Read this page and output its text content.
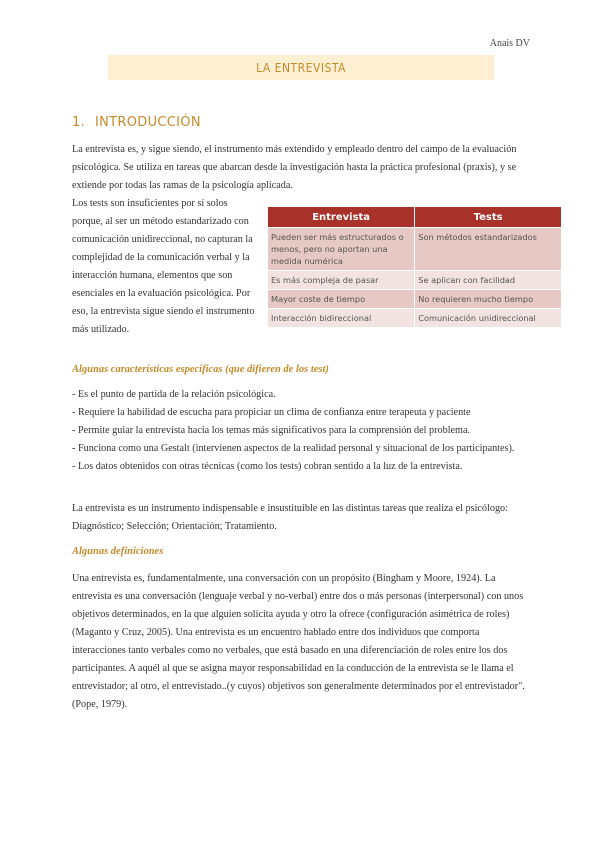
Anais DV
LA ENTREVISTA
1. INTRODUCCIÓN
La entrevista es, y sigue siendo, el instrumento más extendido y empleado dentro del campo de la evaluación psicológica. Se utiliza en tareas que abarcan desde la investigación hasta la práctica profesional (praxis), y se extiende por todas las ramas de la psicología aplicada.
Los tests son insuficientes por sí solos porque, al ser un método estandarizado con comunicación unidireccional, no capturan la complejidad de la comunicación verbal y la interacción humana, elementos que son esenciales en la evaluación psicológica. Por eso, la entrevista sigue siendo el instrumento más utilizado.
Entrevista	Tests
Pueden ser más estructurados o menos, pero no aportan una medida numérica	Son métodos estandarizados
Es más compleja de pasar	Se aplican con facilidad
Mayor coste de tiempo	No requieren mucho tiempo
Interacción bidireccional	Comunicación unidireccional
Algunas características específicas (que difieren de los test)
- Es el punto de partida de la relación psicológica.
- Requiere la habilidad de escucha para propiciar un clima de confianza entre terapeuta y paciente
- Permite guiar la entrevista hacia los temas más significativos para la comprensión del problema.
- Funciona como una Gestalt (intervienen aspectos de la realidad personal y situacional de los participantes).
- Los datos obtenidos con otras técnicas (como los tests) cobran sentido a la luz de la entrevista.
La entrevista es un instrumento indispensable e insustituible en las distintas tareas que realiza el psicólogo: Diagnóstico; Selección; Orientación; Tratamiento.
Algunas definiciones
Una entrevista es, fundamentalmente, una conversación con un propósito (Bingham y Moore, 1924). La entrevista es una conversación (lenguaje verbal y no-verbal) entre dos o más personas (interpersonal) con unos objetivos determinados, en la que alguien solicita ayuda y otro la ofrece (configuración asimétrica de roles) (Maganto y Cruz, 2005). Una entrevista es un encuentro hablado entre dos individuos que comporta interacciones tanto verbales como no verbales, que está basado en una diferenciación de roles entre los dos participantes. A aquél al que se asigna mayor responsabilidad en la conducción de la entrevista se le llama el entrevistador; al otro, el entrevistado..(y cuyos) objetivos son generalmente determinados por el entrevistador". (Pope, 1979).
